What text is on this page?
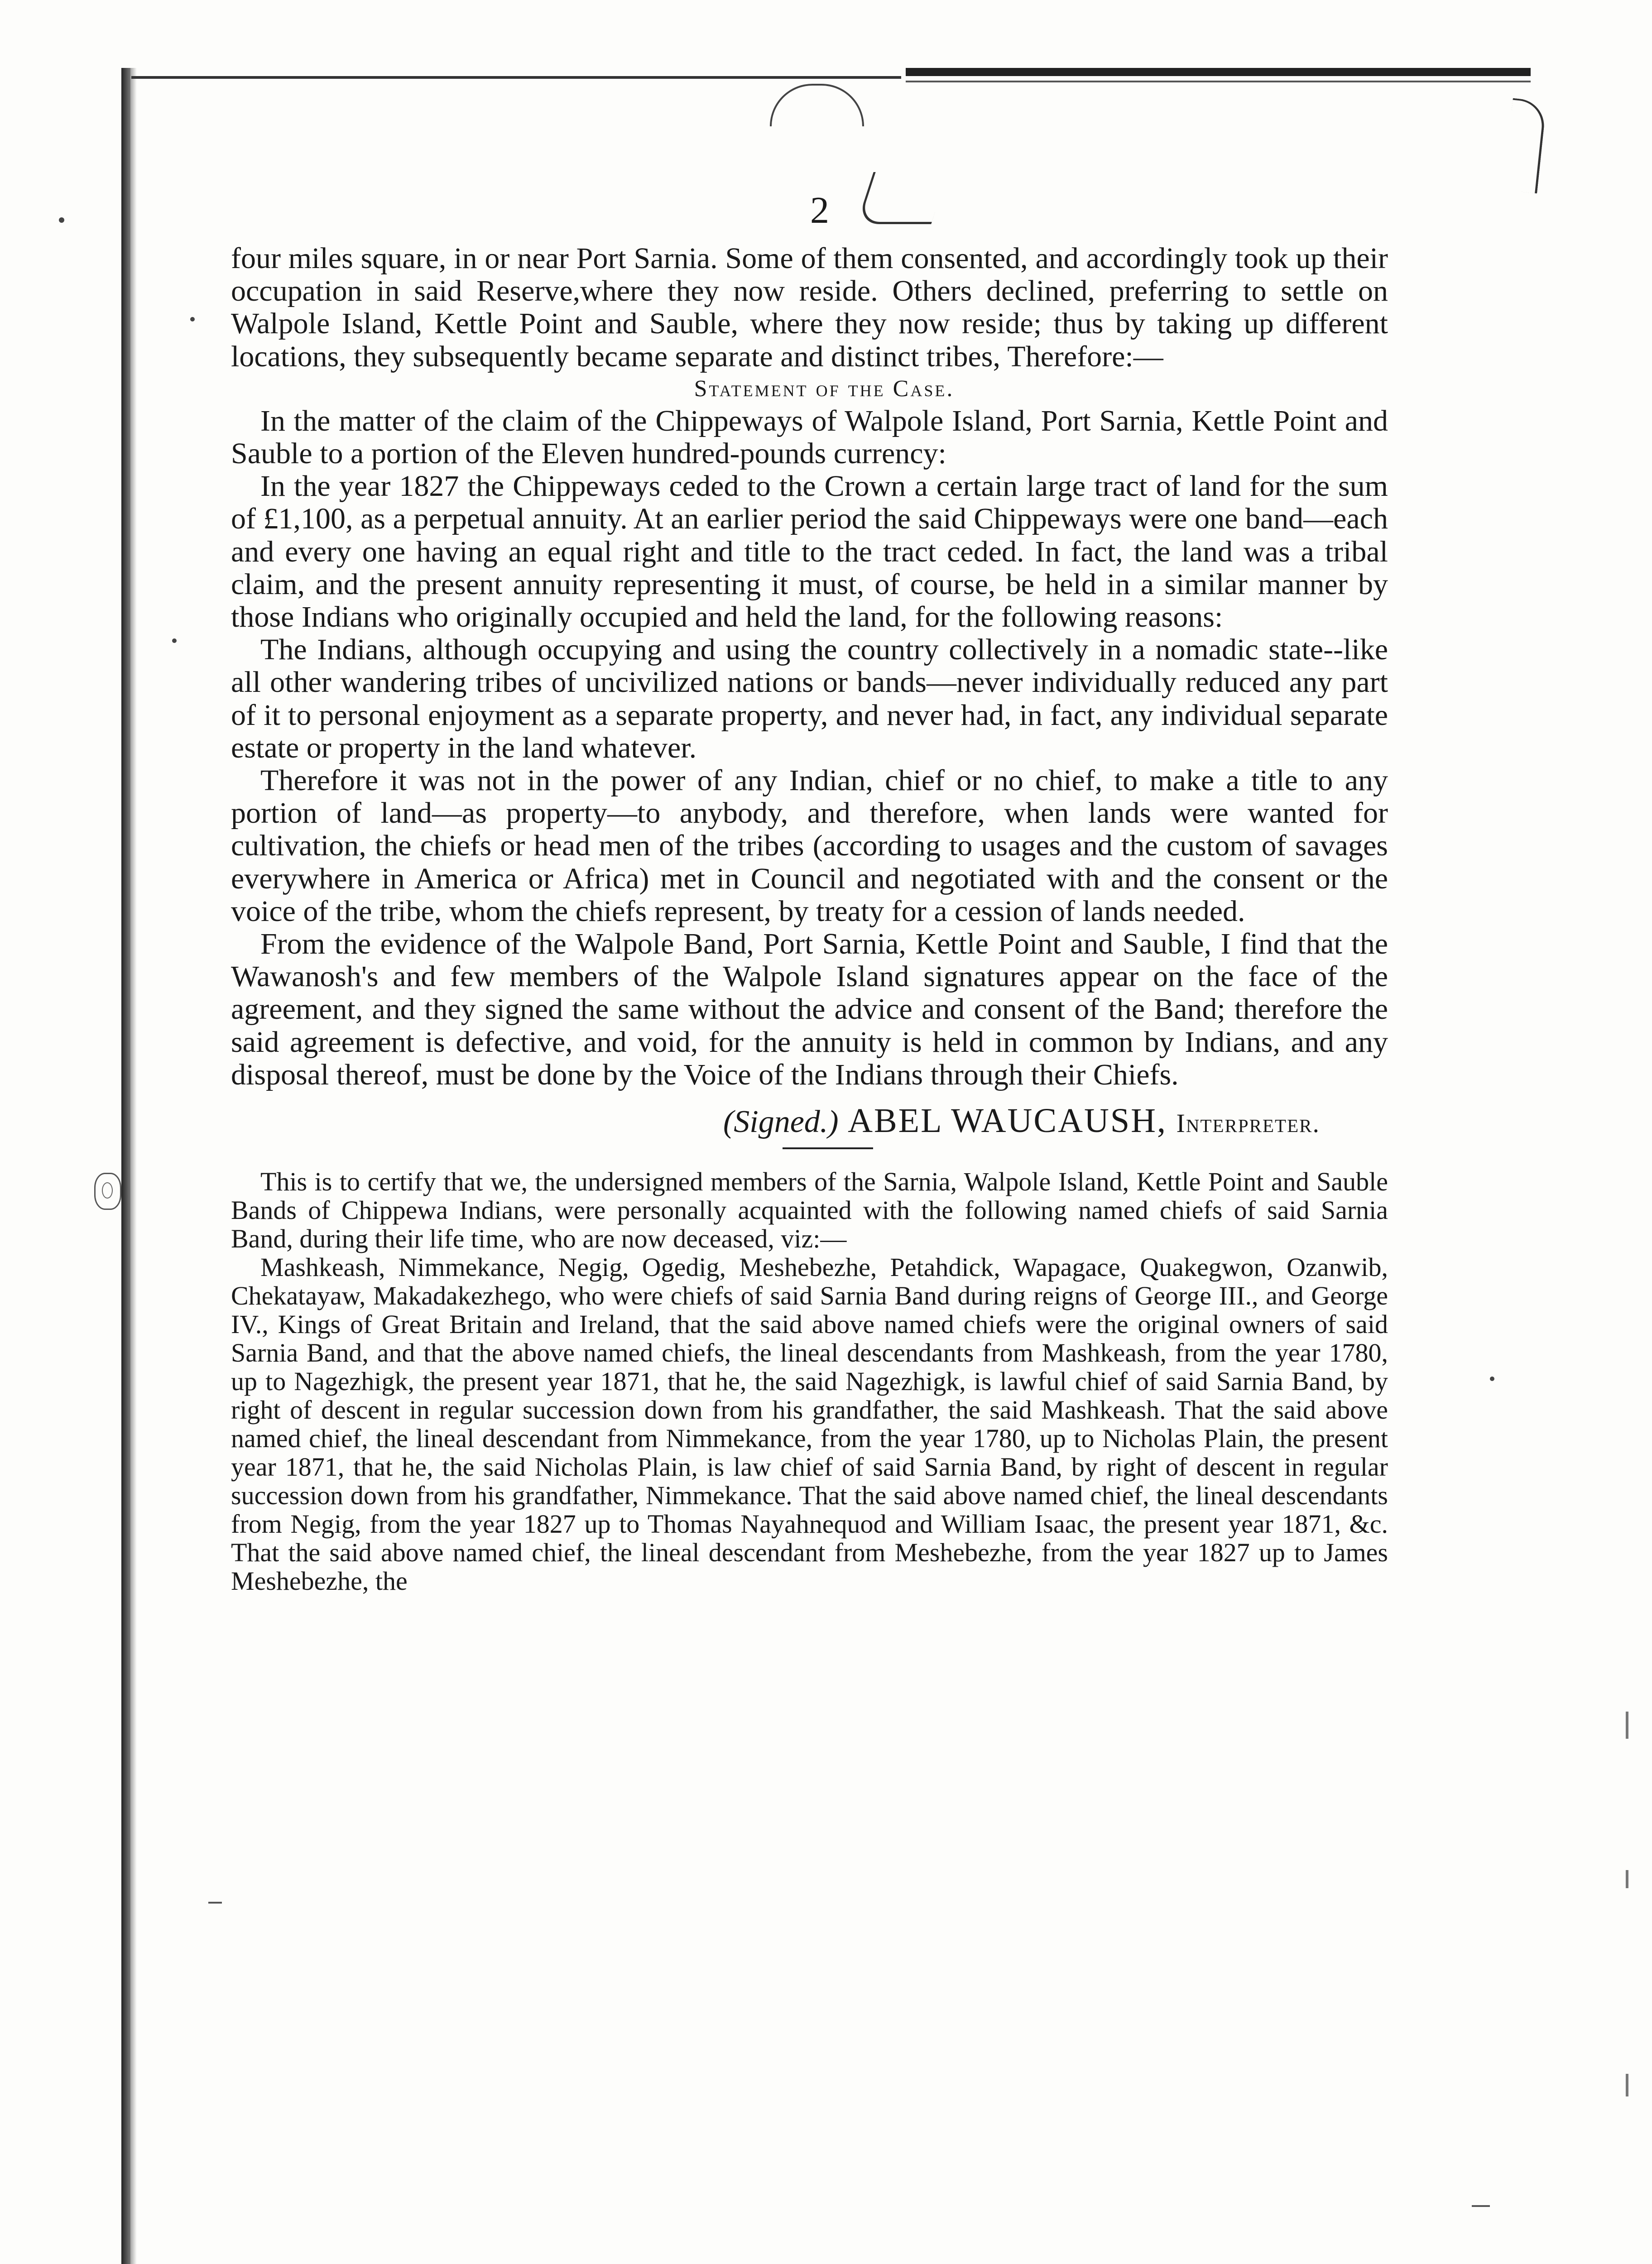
2

four miles square, in or near Port Sarnia. Some of them consented, and accordingly took up their occupation in said Reserve,where they now reside. Others declined, preferring to settle on Walpole Island, Kettle Point and Sauble, where they now reside; thus by taking up different locations, they subsequently became separate and distinct tribes, Therefore:—

Statement of the Case.

In the matter of the claim of the Chippeways of Walpole Island, Port Sarnia, Kettle Point and Sauble to a portion of the Eleven hundred-pounds currency:

In the year 1827 the Chippeways ceded to the Crown a certain large tract of land for the sum of £1,100, as a perpetual annuity. At an earlier period the said Chippeways were one band—each and every one having an equal right and title to the tract ceded. In fact, the land was a tribal claim, and the present annuity representing it must, of course, be held in a similar manner by those Indians who originally occupied and held the land, for the following reasons:

The Indians, although occupying and using the country collectively in a nomadic state--like all other wandering tribes of uncivilized nations or bands—never individually reduced any part of it to personal enjoyment as a separate property, and never had, in fact, any individual separate estate or property in the land whatever.

Therefore it was not in the power of any Indian, chief or no chief, to make a title to any portion of land—as property—to anybody, and therefore, when lands were wanted for cultivation, the chiefs or head men of the tribes (according to usages and the custom of savages everywhere in America or Africa) met in Council and negotiated with and the consent or the voice of the tribe, whom the chiefs represent, by treaty for a cession of lands needed.

From the evidence of the Walpole Band, Port Sarnia, Kettle Point and Sauble, I find that the Wawanosh's and few members of the Walpole Island signatures appear on the face of the agreement, and they signed the same without the advice and consent of the Band; therefore the said agreement is defective, and void, for the annuity is held in common by Indians, and any disposal thereof, must be done by the Voice of the Indians through their Chiefs.

(Signed.) ABEL WAUCAUSH, Interpreter.

This is to certify that we, the undersigned members of the Sarnia, Walpole Island, Kettle Point and Sauble Bands of Chippewa Indians, were personally acquainted with the following named chiefs of said Sarnia Band, during their life time, who are now deceased, viz:—

Mashkeash, Nimmekance, Negig, Ogedig, Meshebezhe, Petahdick, Wapagace, Quakegwon, Ozanwib, Chekatayaw, Makadakezhego, who were chiefs of said Sarnia Band during reigns of George III., and George IV., Kings of Great Britain and Ireland, that the said above named chiefs were the original owners of said Sarnia Band, and that the above named chiefs, the lineal descendants from Mashkeash, from the year 1780, up to Nagezhigk, the present year 1871, that he, the said Nagezhigk, is lawful chief of said Sarnia Band, by right of descent in regular succession down from his grandfather, the said Mashkeash. That the said above named chief, the lineal descendant from Nimmekance, from the year 1780, up to Nicholas Plain, the present year 1871, that he, the said Nicholas Plain, is law chief of said Sarnia Band, by right of descent in regular succession down from his grandfather, Nimmekance. That the said above named chief, the lineal descendants from Negig, from the year 1827 up to Thomas Nayahnequod and William Isaac, the present year 1871, &c. That the said above named chief, the lineal descendant from Meshebezhe, from the year 1827 up to James Meshebezhe, the
